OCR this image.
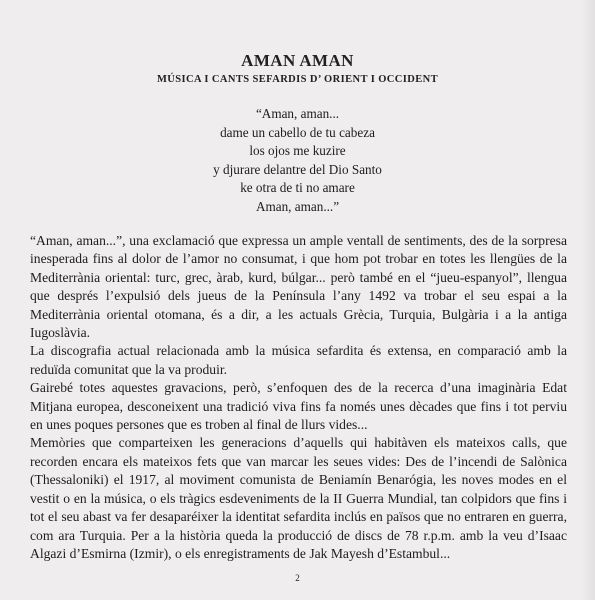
AMAN AMAN
MÚSICA I CANTS SEFARDIS D’ ORIENT I OCCIDENT
“Aman, aman...
dame un cabello de tu cabeza
los ojos me kuzire
y djurare delantre del Dio Santo
ke otra de ti no amare
Aman, aman...”
“Aman, aman...”, una exclamació que expressa un ample ventall de sentiments, des de la sorpresa inesperada fins al dolor de l’amor no consumat, i que hom pot trobar en totes les llengües de la Mediterrània oriental: turc, grec, àrab, kurd, búlgar... però també en el “jueu-espanyol”, llengua que després l’expulsió dels jueus de la Península l’any 1492 va trobar el seu espai a la Mediterrània oriental otomana, és a dir, a les actuals Grècia, Turquia, Bulgària i a la antiga Iugoslàvia.
La discografia actual relacionada amb la música sefardita és extensa, en comparació amb la reduïda comunitat que la va produir.
Gairebé totes aquestes gravacions, però, s’enfoquen des de la recerca d’una imaginària Edat Mitjana europea, desconeixent una tradició viva fins fa només unes dècades que fins i tot perviu en unes poques persones que es troben al final de llurs vides...
Memòries que comparteixen les generacions d’aquells qui habitàven els mateixos calls, que recorden encara els mateixos fets que van marcar les seues vides: Des de l’incendi de Salònica (Thessaloniki) el 1917, al moviment comunista de Beniamín Benarógia, les noves modes en el vestit o en la música, o els tràgics esdeveniments de la II Guerra Mundial, tan colpidors que fins i tot el seu abast va fer desaparéixer la identitat sefardita inclús en països que no entraren en guerra, com ara Turquia. Per a la història queda la producció de discs de 78 r.p.m. amb la veu d’Isaac Algazi d’Esmirna (Izmir), o els enregistraments de Jak Mayesh d’Estambul...
2
